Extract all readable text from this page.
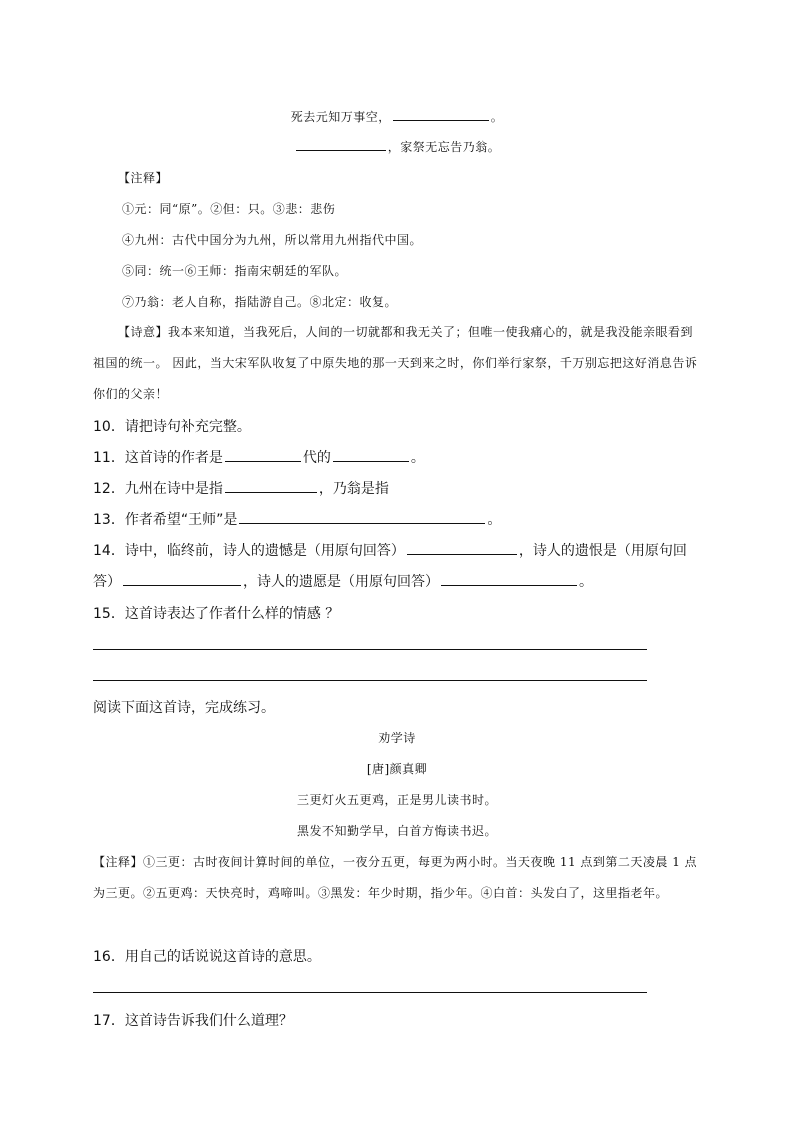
死去元知万事空，	。
，家祭无忘告乃翁。
【注释】
①元：同“原”。②但：只。③悲：悲伤
④九州：古代中国分为九州，所以常用九州指代中国。
⑤同：统一⑥王师：指南宋朝廷的军队。
⑦乃翁：老人自称，指陆游自己。⑧北定：收复。
【诗意】我本来知道，当我死后，人间的一切就都和我无关了；但唯一使我痛心的，就是我没能亲眼看到祖国的统一。 因此，当大宋军队收复了中原失地的那一天到来之时，你们举行家祭，千万别忘把这好消息告诉你们的父亲！
10．请把诗句补充完整。
11．这首诗的作者是	代的	。
12．九州在诗中是指	，乃翁是指
13．作者希望“王师”是	。
14．诗中，临终前，诗人的遗憾是（用原句回答）	，诗人的遗恨是（用原句回
答）	，诗人的遗愿是（用原句回答）	。
15．这首诗表达了作者什么样的情感 ？
阅读下面这首诗，完成练习。
劝学诗
[唐]颜真卿
三更灯火五更鸡，正是男儿读书时。
黑发不知勤学早，白首方悔读书迟。
【注释】①三更：古时夜间计算时间的单位，一夜分五更，每更为两小时。当天夜晚 11 点到第二天凌晨 1 点为三更。②五更鸡：天快亮时，鸡啼叫。③黑发：年少时期，指少年。④白首：头发白了，这里指老年。
16．用自己的话说说这首诗的意思。
17．这首诗告诉我们什么道理？
